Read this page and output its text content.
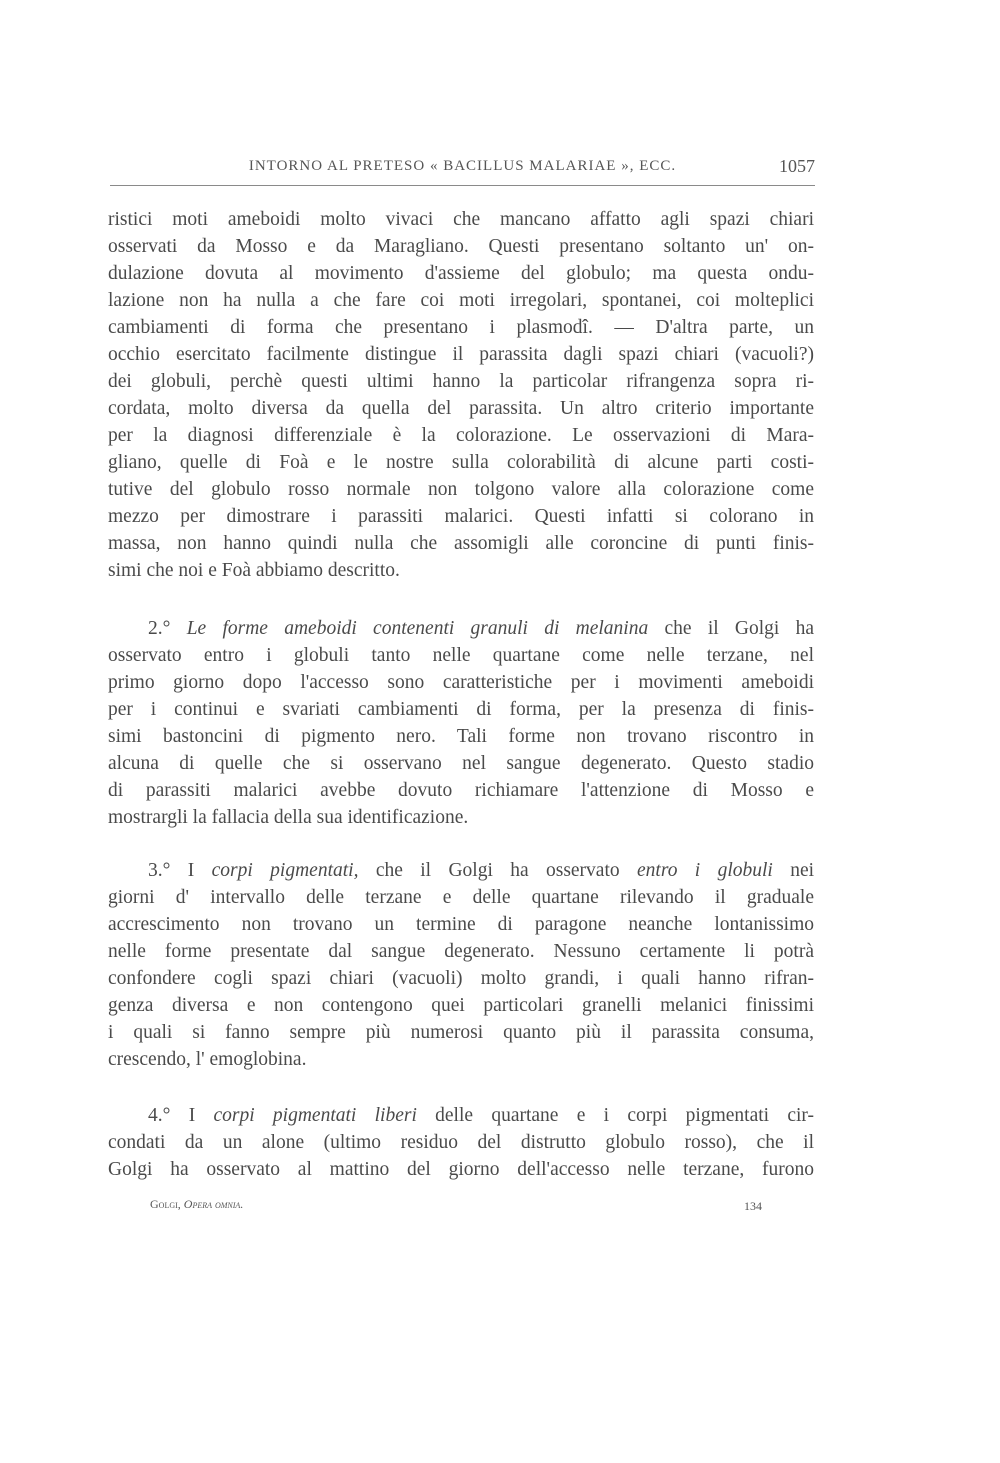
INTORNO AL PRETESO « BACILLUS MALARIAE », ECC.	1057
ristici moti ameboidi molto vivaci che mancano affatto agli spazi chiari
osservati da Mosso e da Maragliano. Questi presentano soltanto un' on-
dulazione dovuta al movimento d'assieme del globulo; ma questa ondu-
lazione non ha nulla a che fare coi moti irregolari, spontanei, coi molteplici
cambiamenti di forma che presentano i plasmodî. — D'altra parte, un
occhio esercitato facilmente distingue il parassita dagli spazi chiari (vacuoli?)
dei globuli, perchè questi ultimi hanno la particolar rifrangenza sopra ri-
cordata, molto diversa da quella del parassita. Un altro criterio importante
per la diagnosi differenziale è la colorazione. Le osservazioni di Mara-
gliano, quelle di Foà e le nostre sulla colorabilità di alcune parti costi-
tutive del globulo rosso normale non tolgono valore alla colorazione come
mezzo per dimostrare i parassiti malarici. Questi infatti si colorano in
massa, non hanno quindi nulla che assomigli alle coroncine di punti finis-
simi che noi e Foà abbiamo descritto.
2.° Le forme ameboidi contenenti granuli di melanina che il Golgi ha
osservato entro i globuli tanto nelle quartane come nelle terzane, nel
primo giorno dopo l'accesso sono caratteristiche per i movimenti ameboidi
per i continui e svariati cambiamenti di forma, per la presenza di finis-
simi bastoncini di pigmento nero. Tali forme non trovano riscontro in
alcuna di quelle che si osservano nel sangue degenerato. Questo stadio
di parassiti malarici avebbe dovuto richiamare l'attenzione di Mosso e
mostrargli la fallacia della sua identificazione.
3.° I corpi pigmentati, che il Golgi ha osservato entro i globuli nei
giorni d' intervallo delle terzane e delle quartane rilevando il graduale
accrescimento non trovano un termine di paragone neanche lontanissimo
nelle forme presentate dal sangue degenerato. Nessuno certamente li potrà
confondere cogli spazi chiari (vacuoli) molto grandi, i quali hanno rifran-
genza diversa e non contengono quei particolari granelli melanici finissimi
i quali si fanno sempre più numerosi quanto più il parassita consuma,
crescendo, l' emoglobina.
4.° I corpi pigmentati liberi delle quartane e i corpi pigmentati cir-
condati da un alone (ultimo residuo del distrutto globulo rosso), che il
Golgi ha osservato al mattino del giorno dell'accesso nelle terzane, furono
Golgi, Opera omnia.	134
